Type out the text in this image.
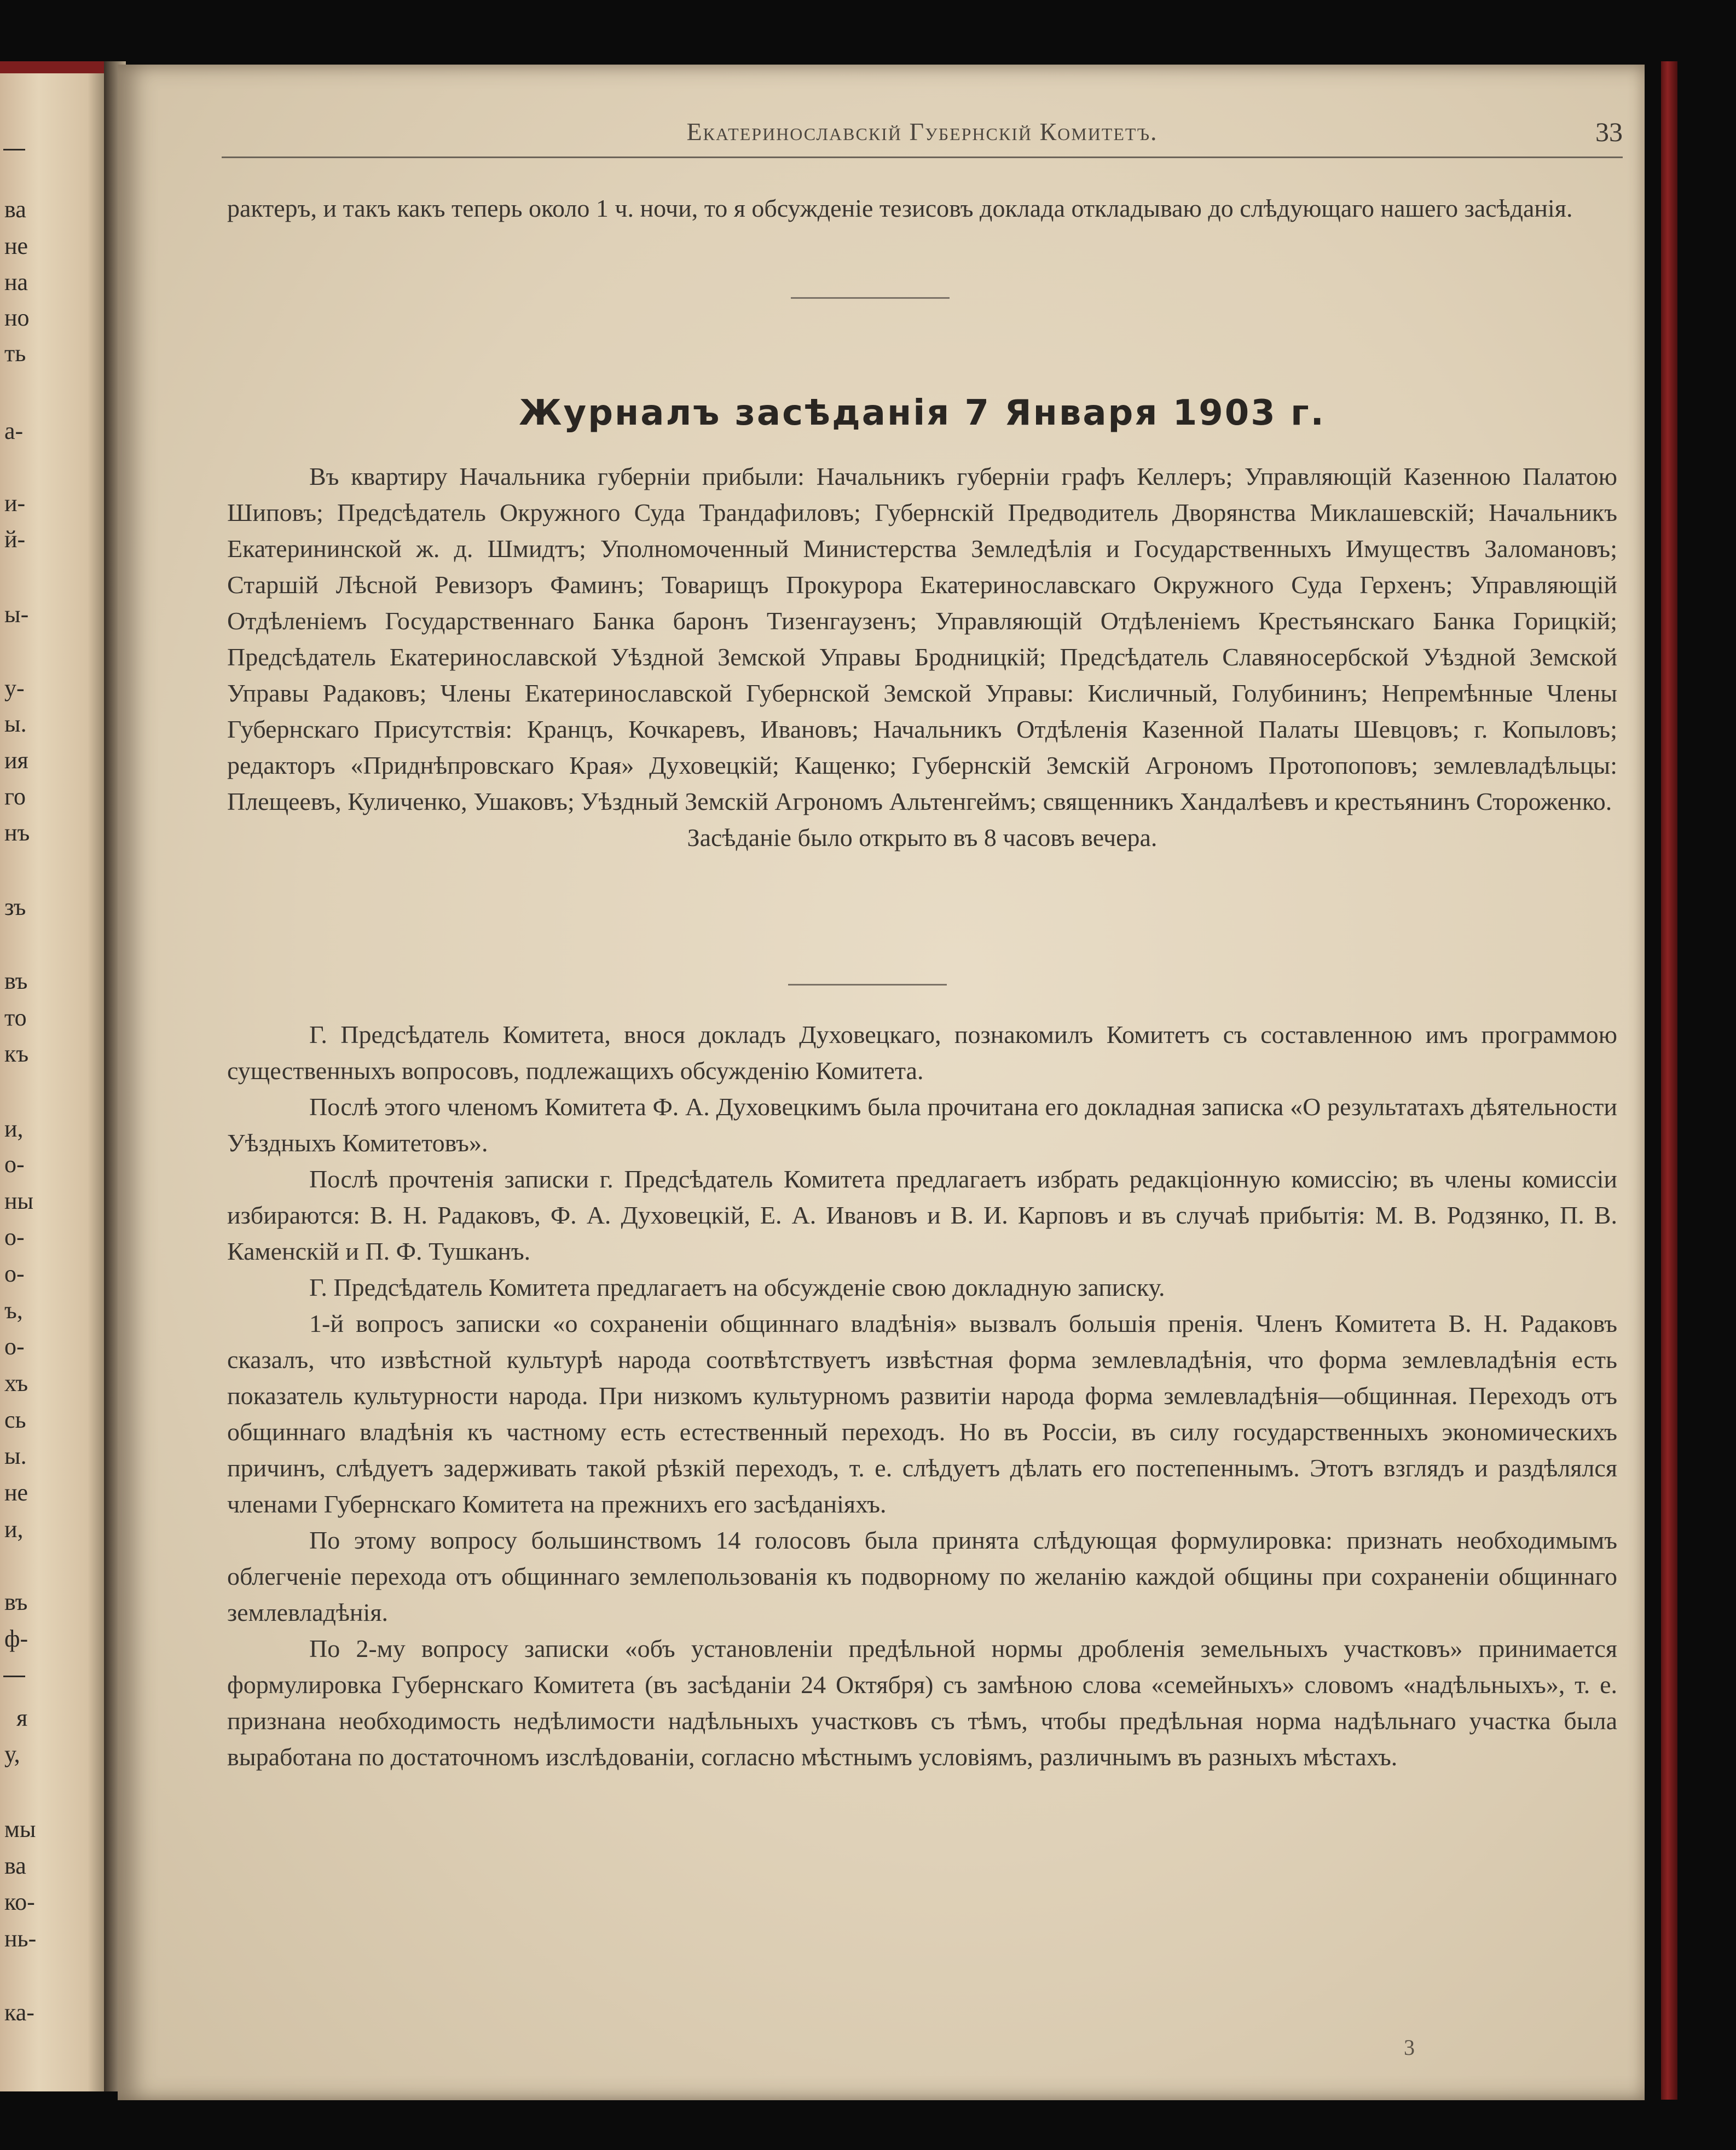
ва
не
на
но
ть
а-
и-
й-
ы-
у-
ы.
ия
го
нъ
зъ
въ
то
къ
и,
о-
ны
о-
о-
ъ,
о-
хъ
сь
ы.
не
и,
въ
ф-
я
у,
мы
ва
ко-
нь-
ка-
Екатеринославскій Губернскій Комитетъ.	33

рактеръ, и такъ какъ теперь около 1 ч. ночи, то я обсужденіе тезисовъ доклада откладываю до слѣдующаго нашего засѣданія.

Журналъ засѣданія 7 Января 1903 г.

Въ квартиру Начальника губерніи прибыли: Начальникъ губерніи графъ Келлеръ; Управляющій Казенною Палатою Шиповъ; Предсѣдатель Окружного Суда Трандафиловъ; Губернскій Предводитель Дворянства Миклашевскій; Начальникъ Екатерининской ж. д. Шмидтъ; Уполномоченный Министерства Земледѣлія и Государственныхъ Имуществъ Заломановъ; Старшій Лѣсной Ревизоръ Фаминъ; Товарищъ Прокурора Екатеринославскаго Окружного Суда Герхенъ; Управляющій Отдѣленіемъ Государственнаго Банка баронъ Тизенгаузенъ; Управляющій Отдѣленіемъ Крестьянскаго Банка Горицкій; Предсѣдатель Екатеринославской Уѣздной Земской Управы Бродницкій; Предсѣдатель Славяносербской Уѣздной Земской Управы Радаковъ; Члены Екатеринославской Губернской Земской Управы: Кисличный, Голубининъ; Непремѣнные Члены Губернскаго Присутствія: Кранцъ, Кочкаревъ, Ивановъ; Начальникъ Отдѣленія Казенной Палаты Шевцовъ; г. Копыловъ; редакторъ «Приднѣпровскаго Края» Духовецкій; Кащенко; Губернскій Земскій Агрономъ Протопоповъ; землевладѣльцы: Плещеевъ, Куличенко, Ушаковъ; Уѣздный Земскій Агрономъ Альтенгеймъ; священникъ Хандалѣевъ и крестьянинъ Стороженко.

Засѣданіе было открыто въ 8 часовъ вечера.

Г. Предсѣдатель Комитета, внося докладъ Духовецкаго, познакомилъ Комитетъ съ составленною имъ программою существенныхъ вопросовъ, подлежащихъ обсужденію Комитета.

Послѣ этого членомъ Комитета Ф. А. Духовецкимъ была прочитана его докладная записка «О результатахъ дѣятельности Уѣздныхъ Комитетовъ».

Послѣ прочтенія записки г. Предсѣдатель Комитета предлагаетъ избрать редакціонную комиссію; въ члены комиссіи избираются: В. Н. Радаковъ, Ф. А. Духовецкій, Е. А. Ивановъ и В. И. Карповъ и въ случаѣ прибытія: М. В. Родзянко, П. В. Каменскій и П. Ф. Тушканъ.

Г. Предсѣдатель Комитета предлагаетъ на обсужденіе свою докладную записку.

1-й вопросъ записки «о сохраненіи общиннаго владѣнія» вызвалъ большія пренія. Членъ Комитета В. Н. Радаковъ сказалъ, что извѣстной культурѣ народа соотвѣтствуетъ извѣстная форма землевладѣнія, что форма землевладѣнія есть показатель культурности народа. При низкомъ культурномъ развитіи народа форма землевладѣнія—общинная. Переходъ отъ общиннаго владѣнія къ частному есть естественный переходъ. Но въ Россіи, въ силу государственныхъ экономическихъ причинъ, слѣдуетъ задерживать такой рѣзкій переходъ, т. е. слѣдуетъ дѣлать его постепеннымъ. Этотъ взглядъ и раздѣлялся членами Губернскаго Комитета на прежнихъ его засѣданіяхъ.

По этому вопросу большинствомъ 14 голосовъ была принята слѣдующая формулировка: признать необходимымъ облегченіе перехода отъ общиннаго землепользованія къ подворному по желанію каждой общины при сохраненіи общиннаго землевладѣнія.

По 2-му вопросу записки «объ установленіи предѣльной нормы дробленія земельныхъ участковъ» принимается формулировка Губернскаго Комитета (въ засѣданіи 24 Октября) съ замѣною слова «семейныхъ» словомъ «надѣльныхъ», т. е. признана необходимость недѣлимости надѣльныхъ участковъ съ тѣмъ, чтобы предѣльная норма надѣльнаго участка была выработана по достаточномъ изслѣдованіи, согласно мѣстнымъ условіямъ, различнымъ въ разныхъ мѣстахъ.

3
